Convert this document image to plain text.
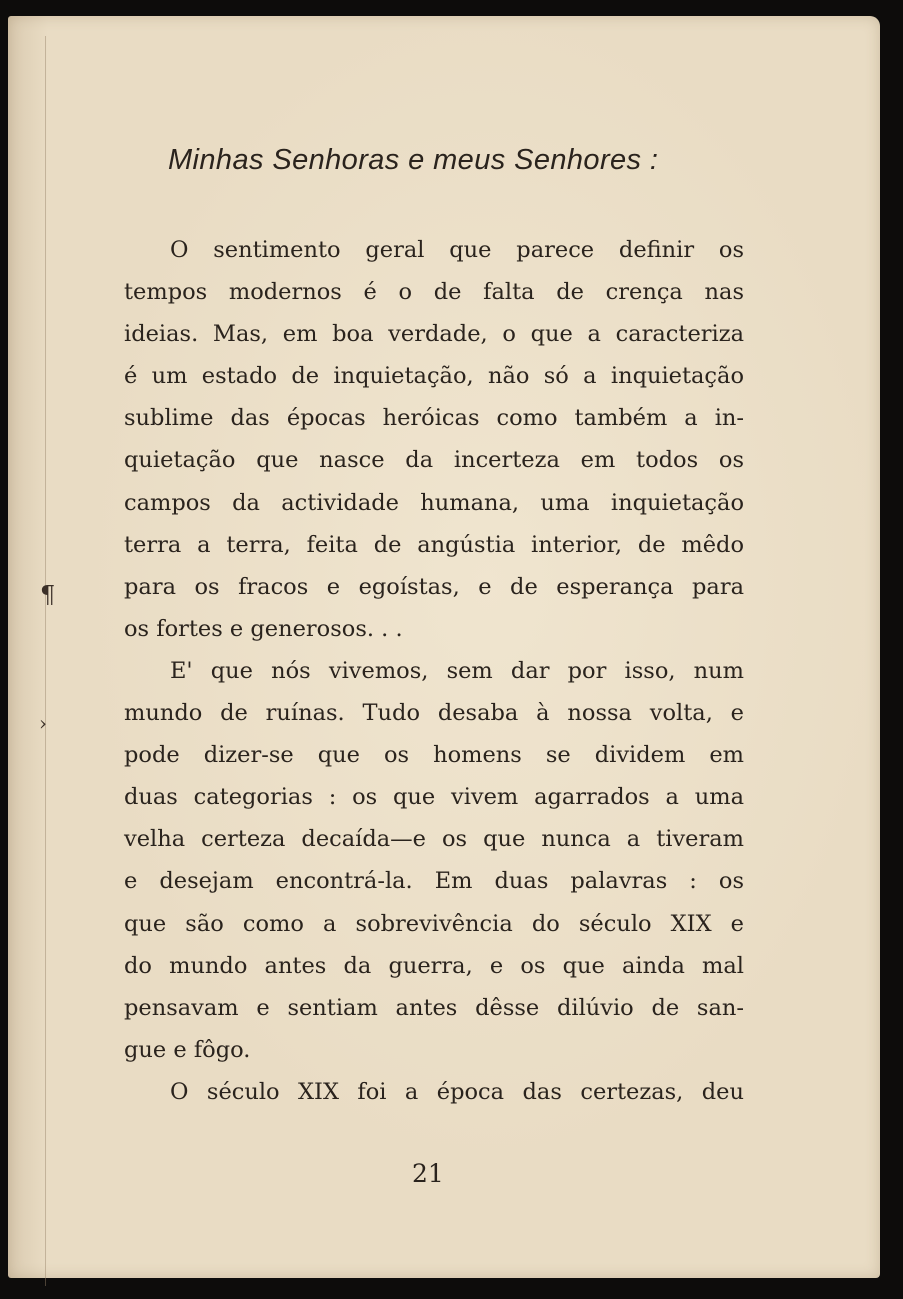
¶
›
Minhas Senhoras e meus Senhores :

O sentimento geral que parece definir os
tempos modernos é o de falta de crença nas
ideias. Mas, em boa verdade, o que a caracteriza
é um estado de inquietação, não só a inquietação
sublime das épocas heróicas como também a in-
quietação que nasce da incerteza em todos os
campos da actividade humana, uma inquietação
terra a terra, feita de angústia interior, de mêdo
para os fracos e egoístas, e de esperança para
os fortes e generosos. . .

E' que nós vivemos, sem dar por isso, num
mundo de ruínas. Tudo desaba à nossa volta, e
pode dizer-se que os homens se dividem em
duas categorias : os que vivem agarrados a uma
velha certeza decaída—e os que nunca a tiveram
e desejam encontrá-la. Em duas palavras : os
que são como a sobrevivência do século XIX e
do mundo antes da guerra, e os que ainda mal
pensavam e sentiam antes dêsse dilúvio de san-
gue e fôgo.

O século XIX foi a época das certezas, deu

21
